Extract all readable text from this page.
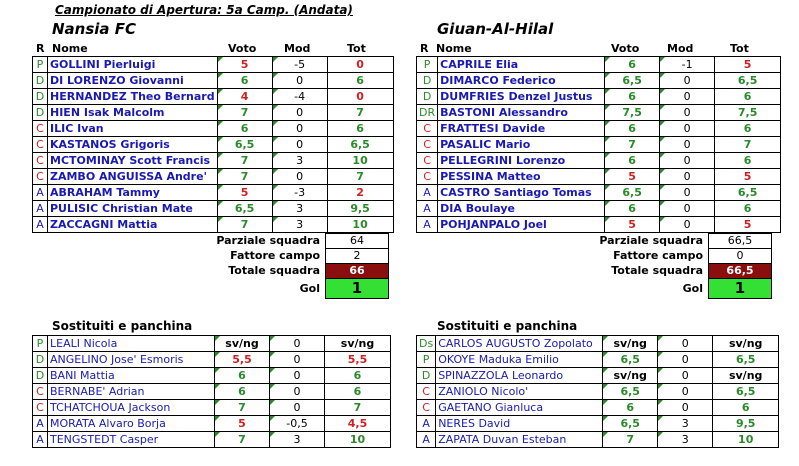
Campionato di Apertura: 5a Camp. (Andata)
Nansia FC	Giuan-Al-Hilal
R Nome	Voto	Mod	Tot	R Nome	Voto	Mod	Tot
P	GOLLINI Pierluigi	5	-5	0
D	DI LORENZO Giovanni	6	0	6
D	HERNANDEZ Theo Bernard	4	-4	0
D	HIEN Isak Malcolm	7	0	7
C	ILIC Ivan	6	0	6
C	KASTANOS Grigoris	6,5	0	6,5
C	MCTOMINAY Scott Francis	7	3	10
C	ZAMBO ANGUISSA Andre'	7	0	7
A	ABRAHAM Tammy	5	-3	2
A	PULISIC Christian Mate	6,5	3	9,5
A	ZACCAGNI Mattia	7	3	10
P	CAPRILE Elia	6	-1	5
D	DIMARCO Federico	6,5	0	6,5
D	DUMFRIES Denzel Justus	6	0	6
DR	BASTONI Alessandro	7,5	0	7,5
C	FRATTESI Davide	6	0	6
C	PASALIC Mario	7	0	7
C	PELLEGRINI Lorenzo	6	0	6
C	PESSINA Matteo	5	0	5
A	CASTRO Santiago Tomas	6,5	0	6,5
A	DIA Boulaye	6	0	6
A	POHJANPALO Joel	5	0	5
Parziale squadra	64
Fattore campo	2
Totale squadra	66
Gol	1
Parziale squadra	66,5
Fattore campo	0
Totale squadra	66,5
Gol	1
Sostituiti e panchina	Sostituiti e panchina
P	LEALI Nicola	sv/ng	0	sv/ng
D	ANGELINO Jose' Esmoris	5,5	0	5,5
D	BANI Mattia	6	0	6
C	BERNABE' Adrian	6	0	6
C	TCHATCHOUA Jackson	7	0	7
A	MORATA Alvaro Borja	5	-0,5	4,5
A	TENGSTEDT Casper	7	3	10
Ds	CARLOS AUGUSTO Zopolato	sv/ng	0	sv/ng
P	OKOYE Maduka Emilio	6,5	0	6,5
D	SPINAZZOLA Leonardo	sv/ng	0	sv/ng
C	ZANIOLO Nicolo'	6,5	0	6,5
C	GAETANO Gianluca	6	0	6
A	NERES David	6,5	3	9,5
A	ZAPATA Duvan Esteban	7	3	10
